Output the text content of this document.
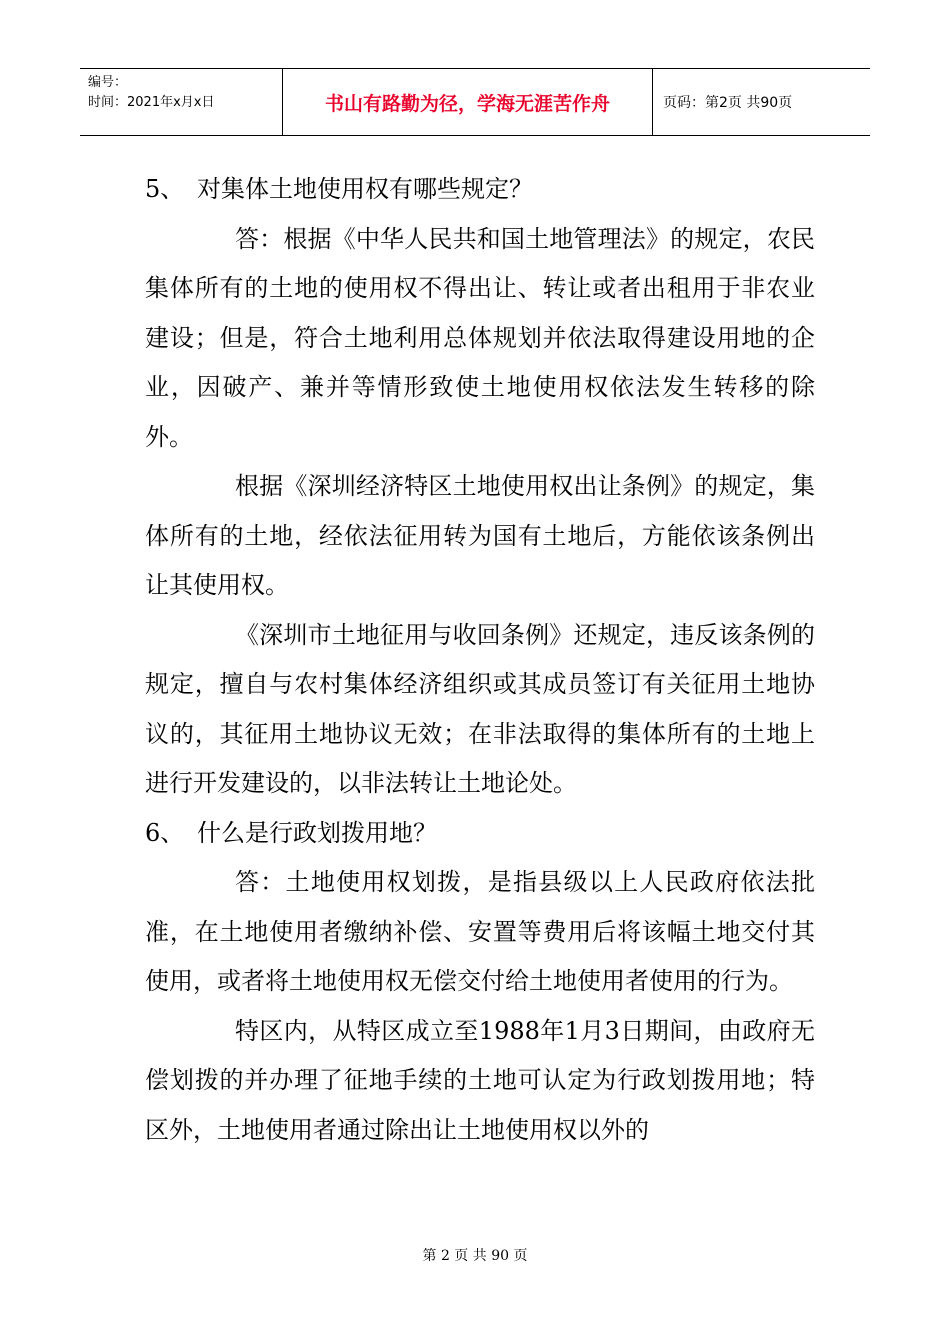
编号：
时间：2021年x月x日	书山有路勤为径，学海无涯苦作舟	页码：第2页 共90页

5、 对集体土地使用权有哪些规定？

答：根据《中华人民共和国土地管理法》的规定，农民集体所有的土地的使用权不得出让、转让或者出租用于非农业建设；但是，符合土地利用总体规划并依法取得建设用地的企业，因破产、兼并等情形致使土地使用权依法发生转移的除外。

根据《深圳经济特区土地使用权出让条例》的规定，集体所有的土地，经依法征用转为国有土地后，方能依该条例出让其使用权。

《深圳市土地征用与收回条例》还规定，违反该条例的规定，擅自与农村集体经济组织或其成员签订有关征用土地协议的，其征用土地协议无效；在非法取得的集体所有的土地上进行开发建设的，以非法转让土地论处。

6、 什么是行政划拨用地？

答：土地使用权划拨，是指县级以上人民政府依法批准，在土地使用者缴纳补偿、安置等费用后将该幅土地交付其使用，或者将土地使用权无偿交付给土地使用者使用的行为。

特区内，从特区成立至1988年1月3日期间，由政府无偿划拨的并办理了征地手续的土地可认定为行政划拨用地；特区外，土地使用者通过除出让土地使用权以外的

第 2 页 共 90 页
